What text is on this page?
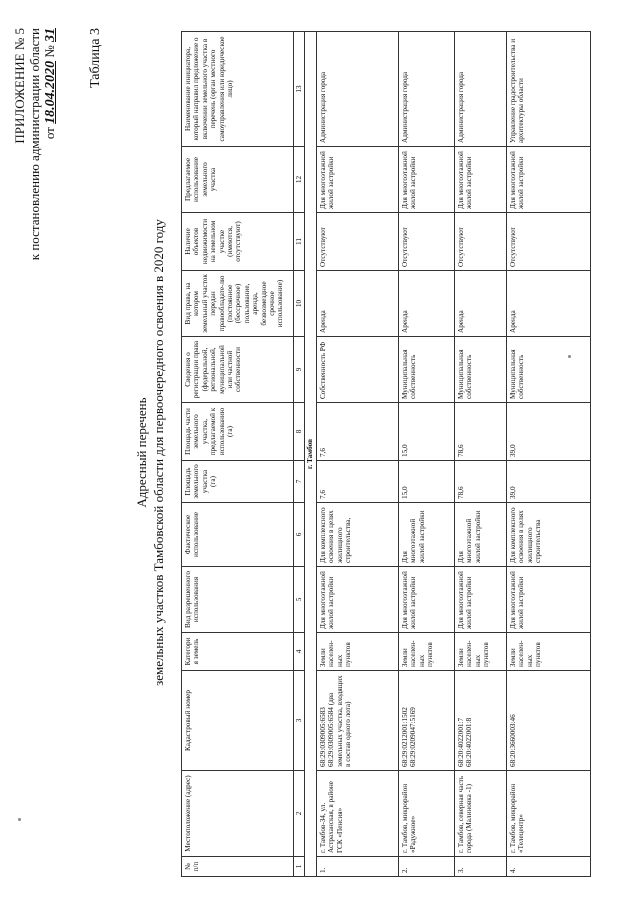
ПРИЛОЖЕНИЕ № 5 к постановлению администрации области от 18.04.2020 № 31 Таблица 3
Адресный перечень земельных участков Тамбовской области для первоочередного освоения в 2020 году
№ п/п	Местоположение (адрес)	Кадастровый номер	Категория земель	Вид разрешенного использования	Фактическое использование	Площадь земельного участка (га)	Площадь части земельного участка, предлагаемой к использованию (га)	Сведения о регистрации права (федеральной, региональной, муниципальной или частной собственности	Вид права, на котором земельный участок передан правообладате-лю (постоянное (бессрочное) пользование, аренда, безвозмездное срочное использование)	Наличие объектов недвижимости на земельном участке (имеются, отсутствуют)	Предлагаемое использование земельного участка	Наименование инициатора, который направил предложение о включении земельного участка в перечень (орган местного самоуправления или юридическое лицо)
1	2	3	4	5	6	7	8	9	10	11	12	13
г. Тамбов												
1.	г. Тамбов-34, ул. Астраханская, в районе ГСК «Пенсия»	68:29:0309005:6583 68:29:0309005:6584 (два земельных участка, входящих в состав одного лота)	Земли населен-ных пунктов	Для многоэтажной жилой застройки	Для комплексного освоения в целях жилищного строительства,	7,6	7,6	Собственность РФ	Аренда	Отсутствуют	Для многоэтажной жилой застройки	Администрация города
2.	г. Тамбов, микрорайон «Радужное»	68:29:0212001:1502 68:29:0209047:5169	Земли населен-ных пунктов	Для многоэтажной жилой застройки	Для многоэтажной жилой застройки	15,0	15,0	Муниципальная собственность	Аренда	Отсутствуют	Для многоэтажной жилой застройки	Администрация города
3.	г. Тамбов, северная часть города (Малиновка -1)	68:20:4022001:7 68:20:4022001:8	Земли населен-ных пунктов	Для многоэтажной жилой застройки	Для многоэтажной жилой застройки	78,6	78,6	Муниципальная собственность	Аренда	Отсутствуют	Для многоэтажной жилой застройки	Администрация города
4.	г. Тамбов, микрорайон «Телецентр»	68:20:3660003:46	Земли населен-ных пунктов	Для многоэтажной жилой застройки	Для комплексного освоения в целях жилищного строительства	39,0	39,0	Муниципальная собственность	Аренда	Отсутствуют	Для многоэтажной жилой застройки	Управление градостроительства и архитектуры области
